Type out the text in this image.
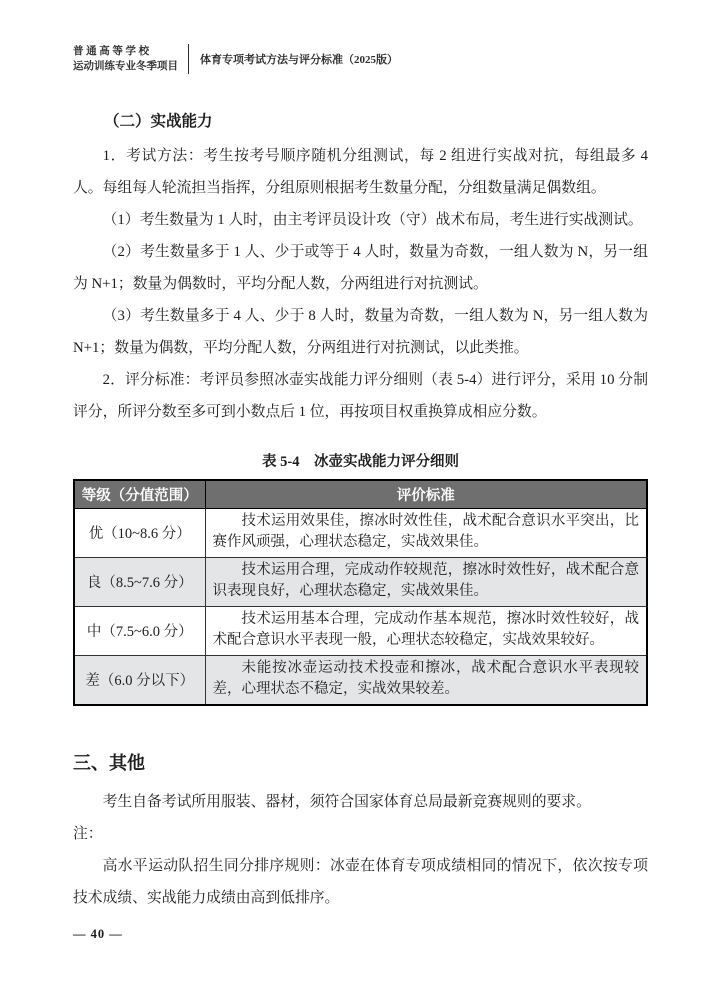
普 通 高 等 学 校
运动训练专业冬季项目
体育专项考试方法与评分标准（2025版）
（二）实战能力

1．考试方法：考生按考号顺序随机分组测试，每 2 组进行实战对抗，每组最多 4 人。每组每人轮流担当指挥，分组原则根据考生数量分配，分组数量满足偶数组。

（1）考生数量为 1 人时，由主考评员设计攻（守）战术布局，考生进行实战测试。

（2）考生数量多于 1 人、少于或等于 4 人时，数量为奇数，一组人数为 N，另一组为 N+1；数量为偶数时，平均分配人数，分两组进行对抗测试。

（3）考生数量多于 4 人、少于 8 人时，数量为奇数，一组人数为 N，另一组人数为 N+1；数量为偶数，平均分配人数，分两组进行对抗测试，以此类推。

2．评分标准：考评员参照冰壶实战能力评分细则（表 5-4）进行评分，采用 10 分制评分，所评分数至多可到小数点后 1 位，再按项目权重换算成相应分数。

表 5-4　冰壶实战能力评分细则
等级（分值范围）	评价标准
优（10~8.6 分）	技术运用效果佳，擦冰时效性佳，战术配合意识水平突出，比赛作风顽强，心理状态稳定，实战效果佳。
良（8.5~7.6 分）	技术运用合理，完成动作较规范，擦冰时效性好，战术配合意识表现良好，心理状态稳定，实战效果佳。
中（7.5~6.0 分）	技术运用基本合理，完成动作基本规范，擦冰时效性较好，战术配合意识水平表现一般，心理状态较稳定，实战效果较好。
差（6.0 分以下）	未能按冰壶运动技术投壶和擦冰，战术配合意识水平表现较差，心理状态不稳定，实战效果较差。
三、其他

考生自备考试所用服装、器材，须符合国家体育总局最新竞赛规则的要求。

注：

高水平运动队招生同分排序规则：冰壶在体育专项成绩相同的情况下，依次按专项技术成绩、实战能力成绩由高到低排序。

— 40 —
